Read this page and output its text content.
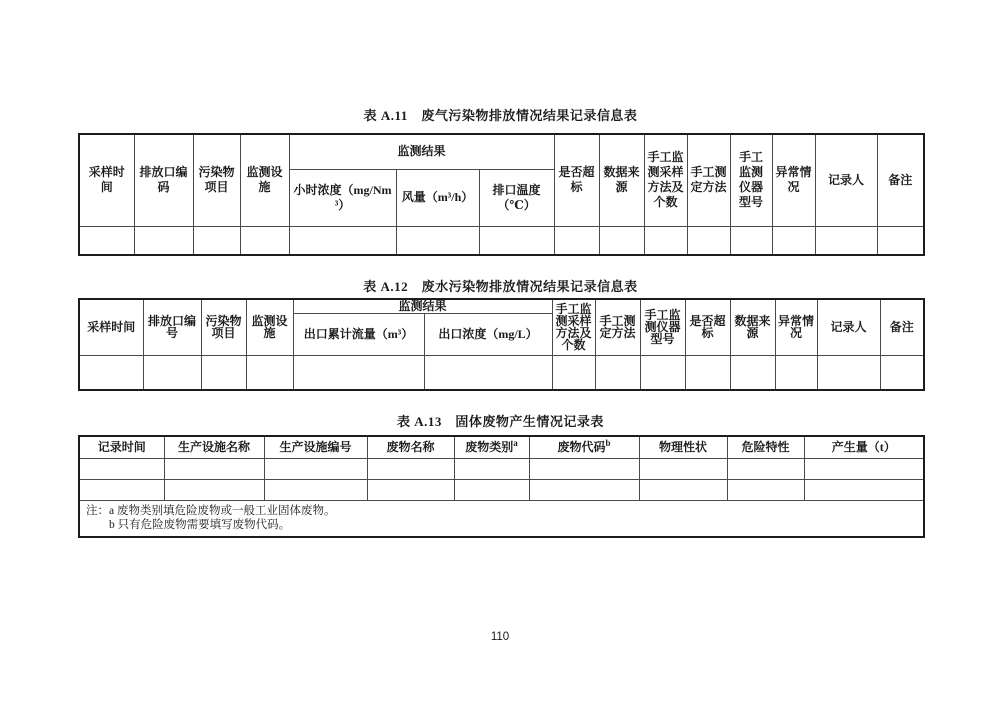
表 A.11　废气污染物排放情况结果记录信息表
采样时间	排放口编码	污染物项目	监测设施	监测结果			是否超标	数据来源	手工监测采样方法及个数	手工测定方法	手工监测仪器型号	异常情况	记录人	备注
				小时浓度（mg/Nm³）	风量（m³/h）	排口温度（℃）								

表 A.12　废水污染物排放情况结果记录信息表
采样时间	排放口编号	污染物项目	监测设施	监测结果		手工监测采样方法及个数	手工测定方法	手工监测仪器型号	是否超标	数据来源	异常情况	记录人	备注
				出口累计流量（m³）	出口浓度（mg/L）								

表 A.13　固体废物产生情况记录表
记录时间	生产设施名称	生产设施编号	废物名称	废物类别$^a$	废物代码$^b$	物理性状	危险特性	产生量（t）

注：a 废物类别填危险废物或一般工业固体废物。
b 只有危险废物需要填写废物代码。								
110
